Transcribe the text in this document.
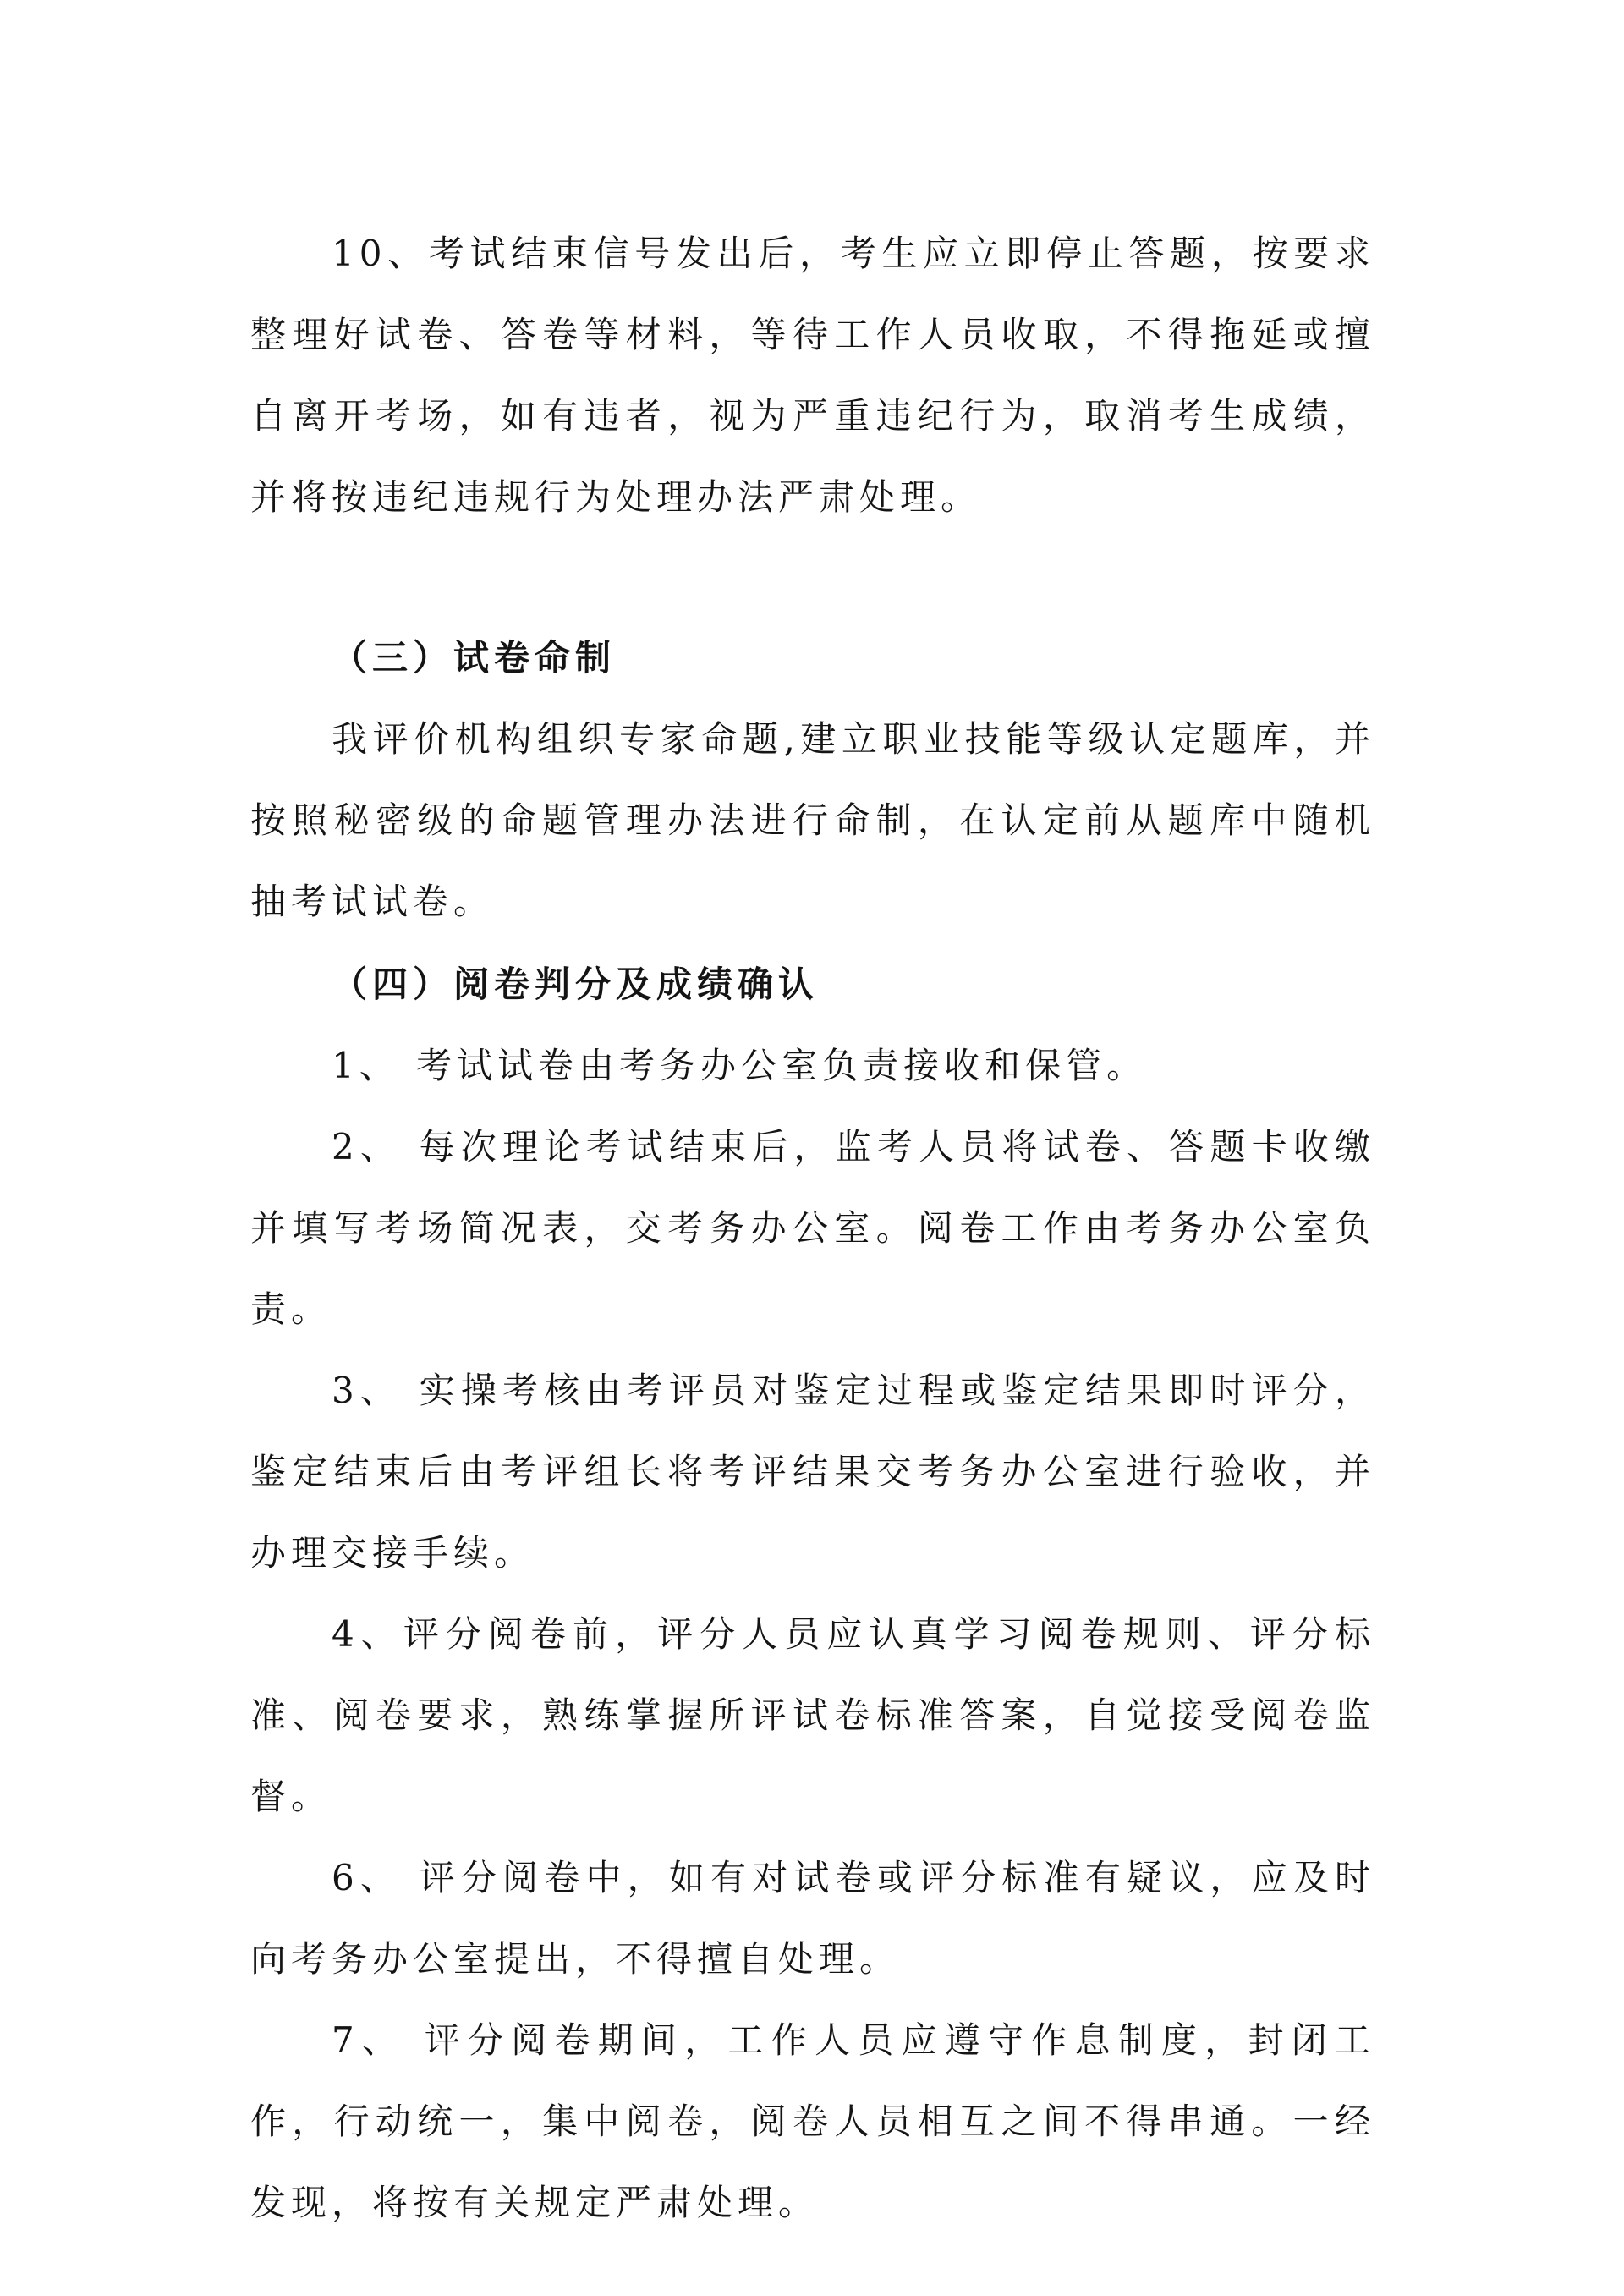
10、考试结束信号发出后，考生应立即停止答题，按要求整理好试卷、答卷等材料，等待工作人员收取，不得拖延或擅自离开考场，如有违者，视为严重违纪行为，取消考生成绩，并将按违纪违规行为处理办法严肃处理。

（三）试卷命制

我评价机构组织专家命题,建立职业技能等级认定题库，并按照秘密级的命题管理办法进行命制，在认定前从题库中随机抽考试试卷。

（四）阅卷判分及成绩确认

1、 考试试卷由考务办公室负责接收和保管。

2、 每次理论考试结束后，监考人员将试卷、答题卡收缴并填写考场简况表，交考务办公室。阅卷工作由考务办公室负责。

3、 实操考核由考评员对鉴定过程或鉴定结果即时评分，鉴定结束后由考评组长将考评结果交考务办公室进行验收，并办理交接手续。

4、评分阅卷前，评分人员应认真学习阅卷规则、评分标准、阅卷要求，熟练掌握所评试卷标准答案，自觉接受阅卷监督。

6、 评分阅卷中，如有对试卷或评分标准有疑议，应及时向考务办公室提出，不得擅自处理。

7、 评分阅卷期间，工作人员应遵守作息制度，封闭工作，行动统一，集中阅卷，阅卷人员相互之间不得串通。一经发现，将按有关规定严肃处理。
